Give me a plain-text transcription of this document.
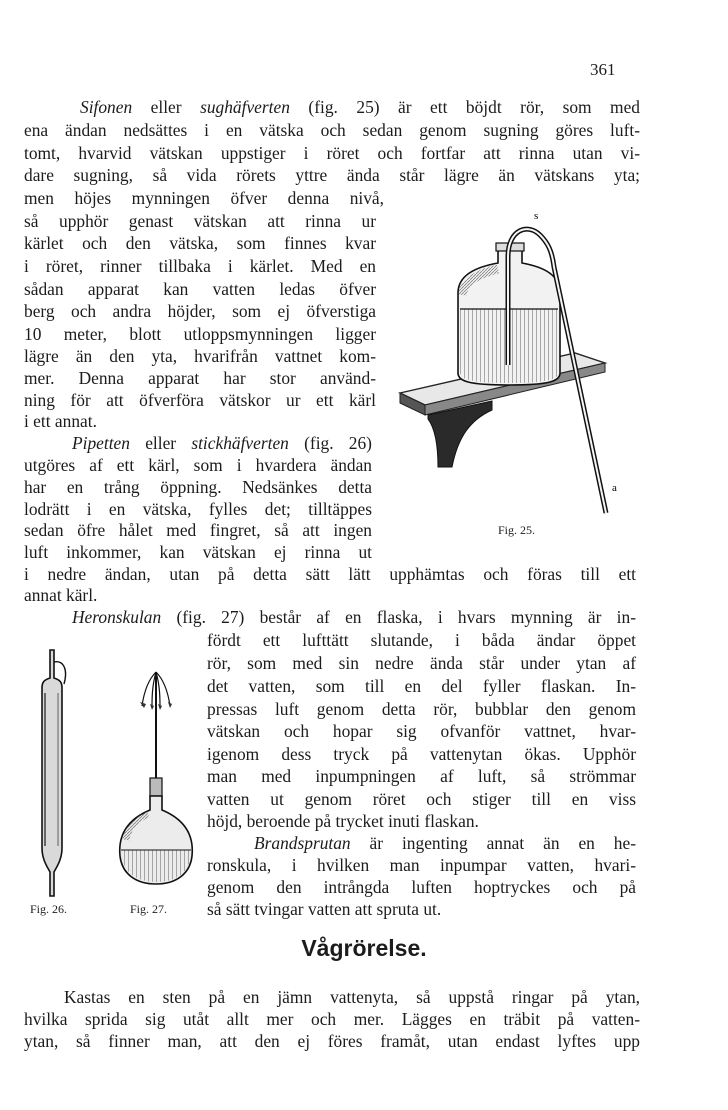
361
Sifonen eller sughäfverten (fig. 25) är ett böjdt rör, som med
ena ändan nedsättes i en vätska och sedan genom sugning göres luft-
tomt, hvarvid vätskan uppstiger i röret och fortfar att rinna utan vi-
dare sugning, så vida rörets yttre ända står lägre än vätskans yta;
men höjes mynningen öfver denna nivå,
så upphör genast vätskan att rinna ur
kärlet och den vätska, som finnes kvar
i röret, rinner tillbaka i kärlet. Med en
sådan apparat kan vatten ledas öfver
berg och andra höjder, som ej öfverstiga
10 meter, blott utloppsmynningen ligger
lägre än den yta, hvarifrån vattnet kom-
mer. Denna apparat har stor använd-
ning för att öfverföra vätskor ur ett kärl
i ett annat.
Pipetten eller stickhäfverten (fig. 26)
utgöres af ett kärl, som i hvardera ändan
har en trång öppning. Nedsänkes detta
lodrätt i en vätska, fylles det; tilltäppes
sedan öfre hålet med fingret, så att ingen
luft inkommer, kan vätskan ej rinna ut
i nedre ändan, utan på detta sätt lätt upphämtas och föras till ett
annat kärl.
Heronskulan (fig. 27) består af en flaska, i hvars mynning är in-
fördt ett lufttätt slutande, i båda ändar öppet
rör, som med sin nedre ända står under ytan af
det vatten, som till en del fyller flaskan. In-
pressas luft genom detta rör, bubblar den genom
vätskan och hopar sig ofvanför vattnet, hvar-
igenom dess tryck på vattenytan ökas. Upphör
man med inpumpningen af luft, så strömmar
vatten ut genom röret och stiger till en viss
höjd, beroende på trycket inuti flaskan.
Brandsprutan är ingenting annat än en he-
ronskula, i hvilken man inpumpar vatten, hvari-
genom den intrångda luften hoptryckes och på
så sätt tvingar vatten att spruta ut.
Vågrörelse.
Kastas en sten på en jämn vattenyta, så uppstå ringar på ytan,
hvilka sprida sig utåt allt mer och mer. Lägges en träbit på vatten-
ytan, så finner man, att den ej föres framåt, utan endast lyftes upp
s
a
Fig. 25.
Fig. 26.	Fig. 27.
